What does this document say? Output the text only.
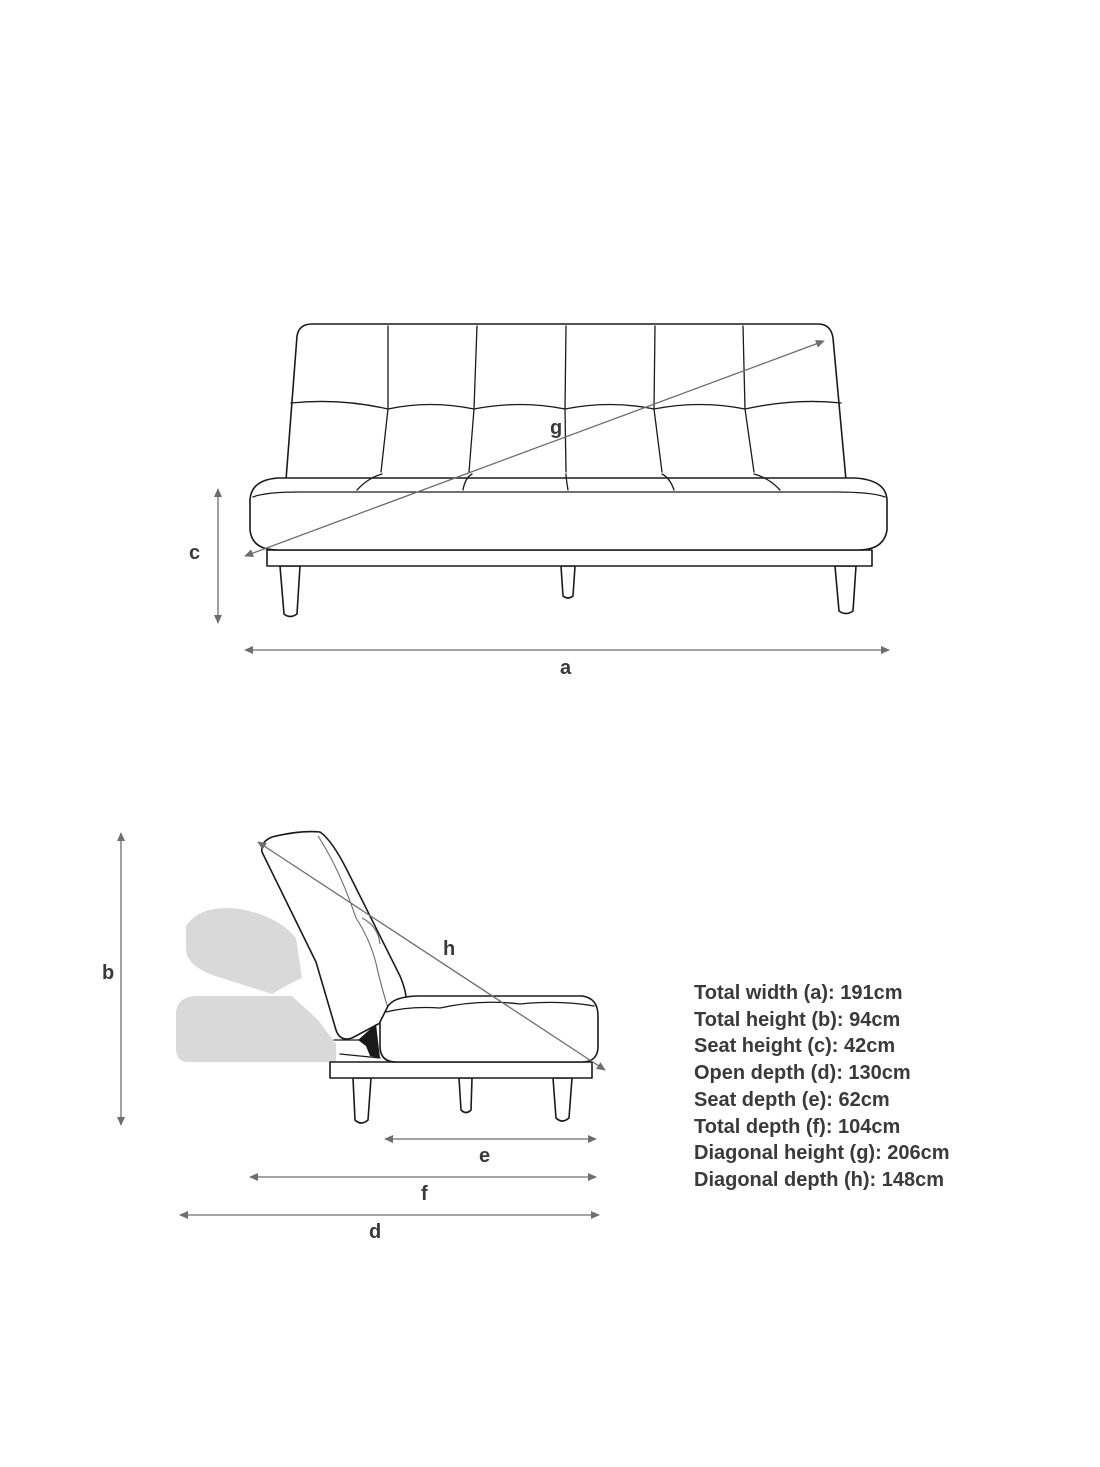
g
c
a
h
b
e
f
d
Total width (a): 191cm
Total height (b): 94cm
Seat height (c): 42cm
Open depth (d): 130cm
Seat depth (e): 62cm
Total depth (f): 104cm
Diagonal height (g): 206cm
Diagonal depth (h): 148cm
